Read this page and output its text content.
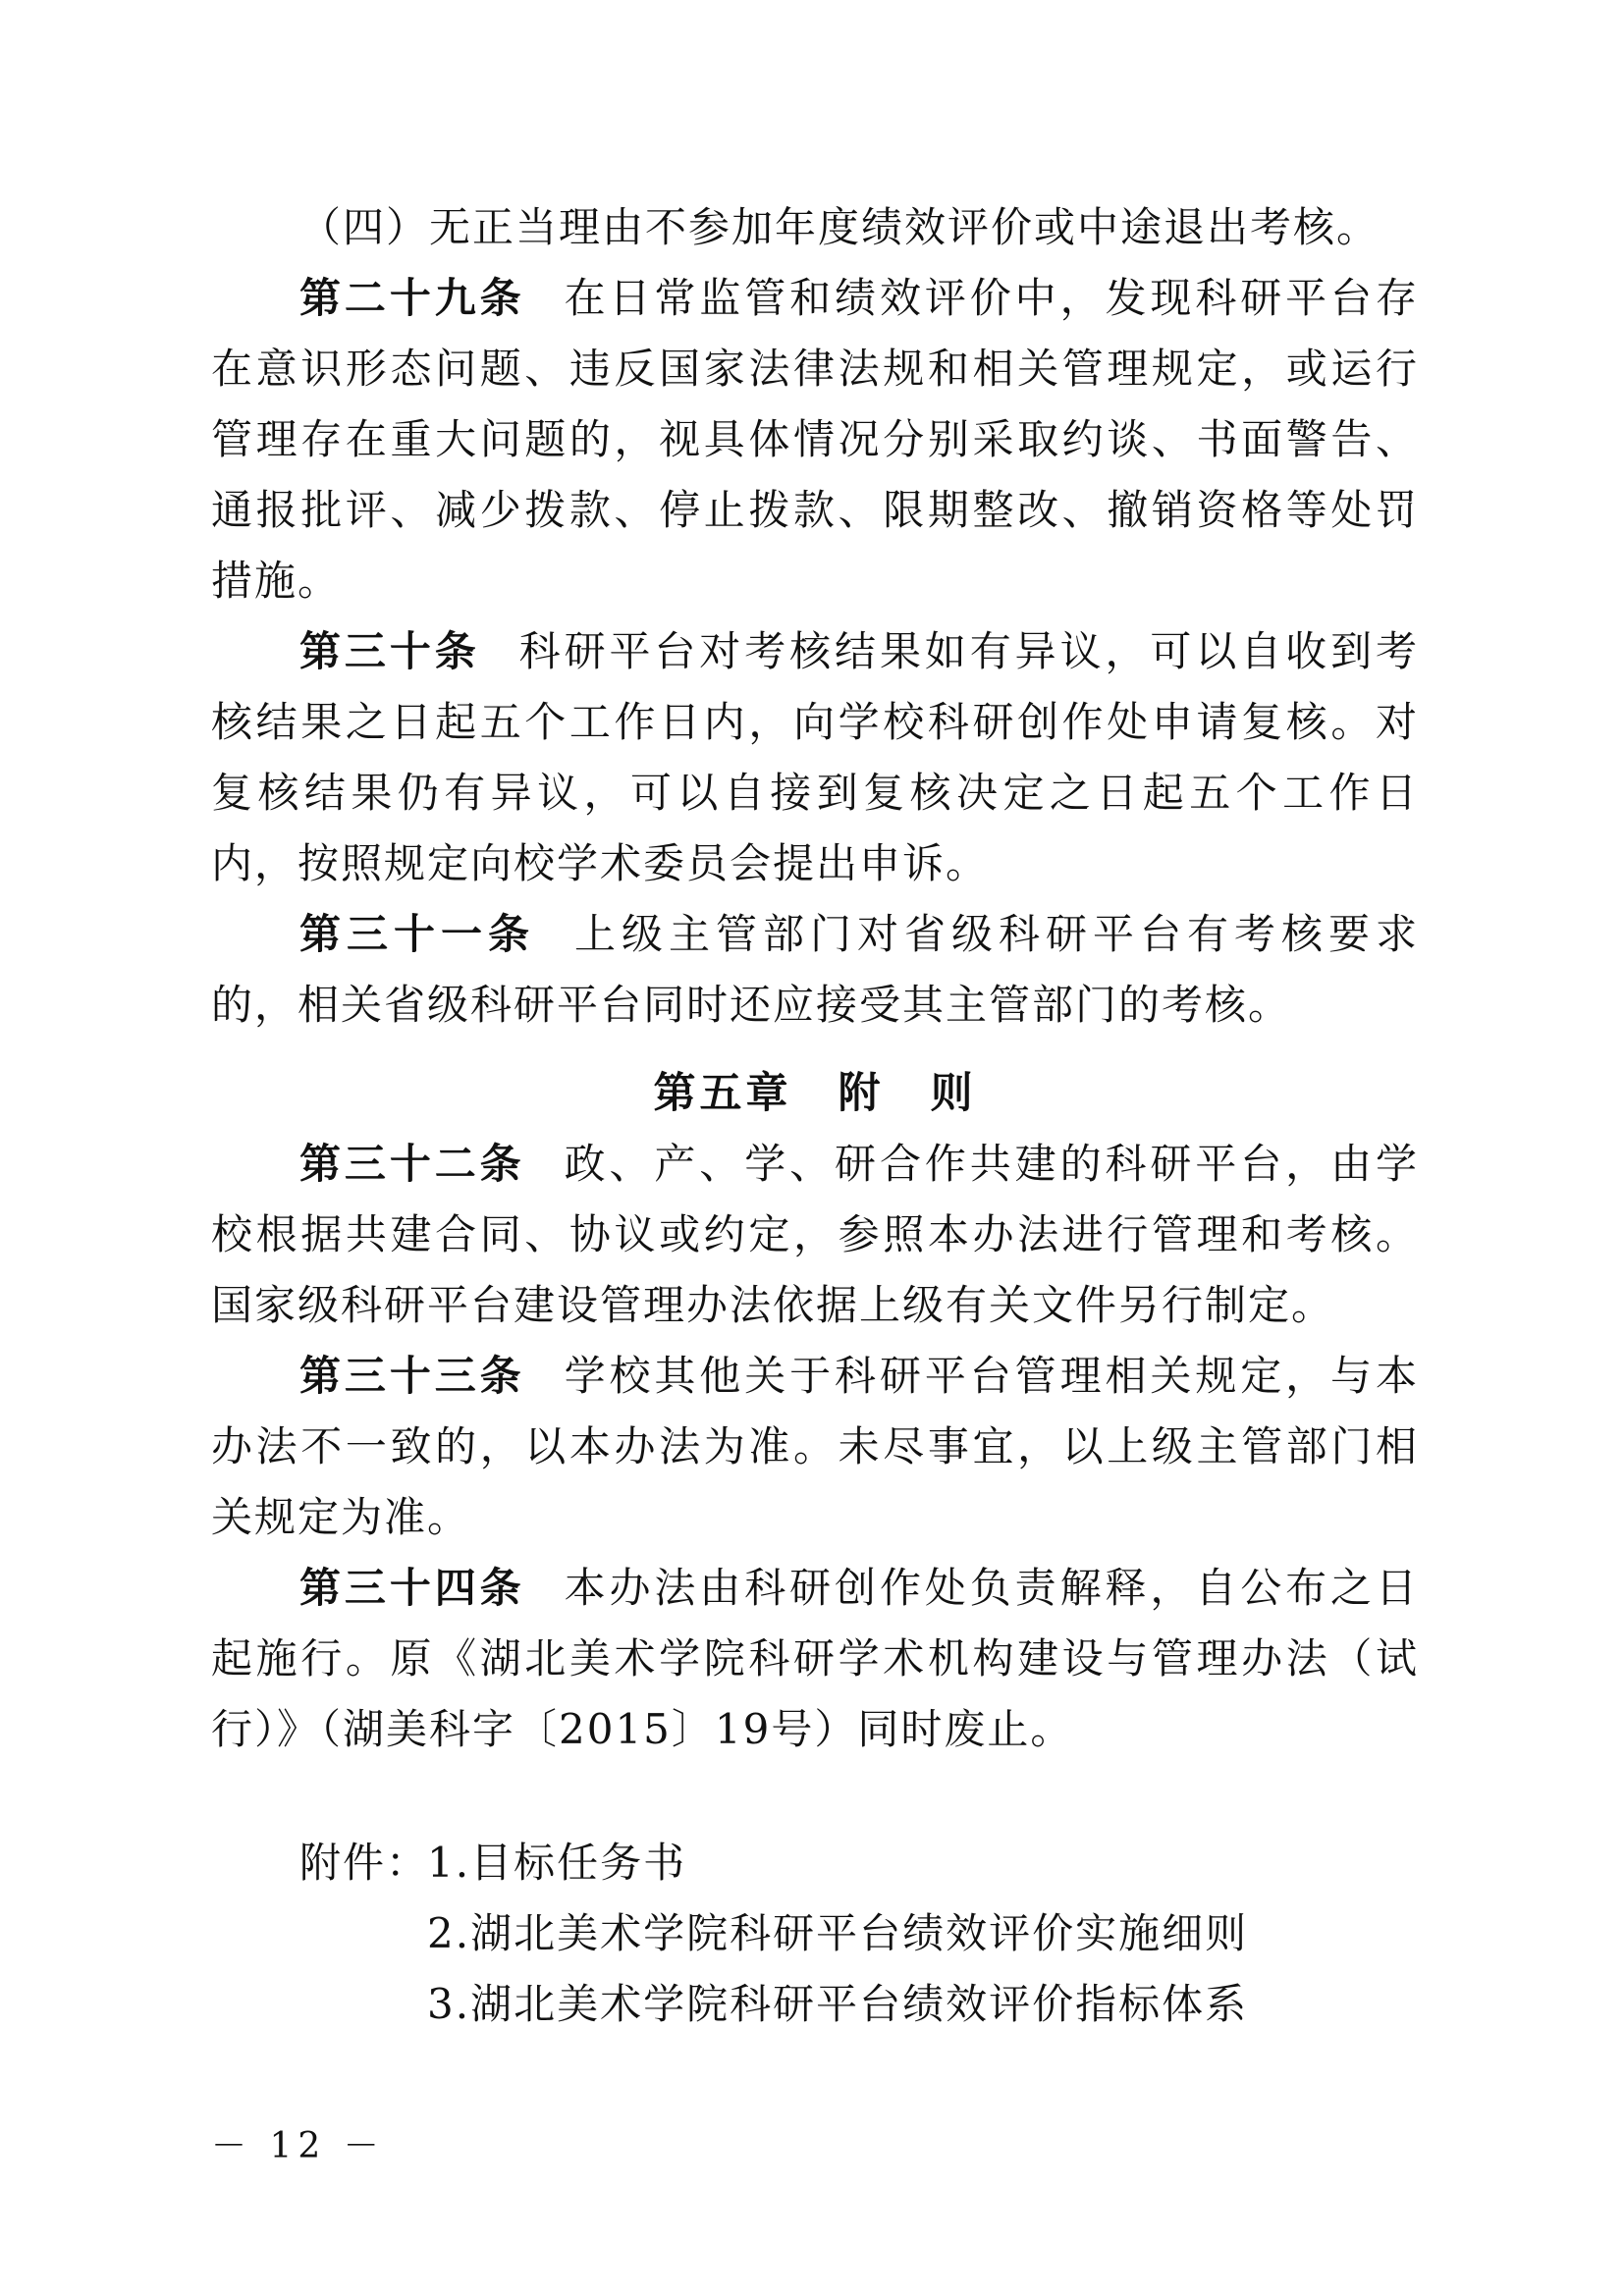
（四）无正当理由不参加年度绩效评价或中途退出考核。

第二十九条 在日常监管和绩效评价中，发现科研平台存在意识形态问题、违反国家法律法规和相关管理规定，或运行管理存在重大问题的，视具体情况分别采取约谈、书面警告、通报批评、减少拨款、停止拨款、限期整改、撤销资格等处罚措施。

第三十条 科研平台对考核结果如有异议，可以自收到考核结果之日起五个工作日内，向学校科研创作处申请复核。对复核结果仍有异议，可以自接到复核决定之日起五个工作日内，按照规定向校学术委员会提出申诉。

第三十一条 上级主管部门对省级科研平台有考核要求的，相关省级科研平台同时还应接受其主管部门的考核。

第五章　附　则

第三十二条 政、产、学、研合作共建的科研平台，由学校根据共建合同、协议或约定，参照本办法进行管理和考核。国家级科研平台建设管理办法依据上级有关文件另行制定。

第三十三条 学校其他关于科研平台管理相关规定，与本办法不一致的，以本办法为准。未尽事宜，以上级主管部门相关规定为准。

第三十四条 本办法由科研创作处负责解释，自公布之日起施行。原《湖北美术学院科研学术机构建设与管理办法（试行）》（湖美科字〔2015〕19号）同时废止。

附件：
1.目标任务书
2.湖北美术学院科研平台绩效评价实施细则
3.湖北美术学院科研平台绩效评价指标体系
－ 12 －
